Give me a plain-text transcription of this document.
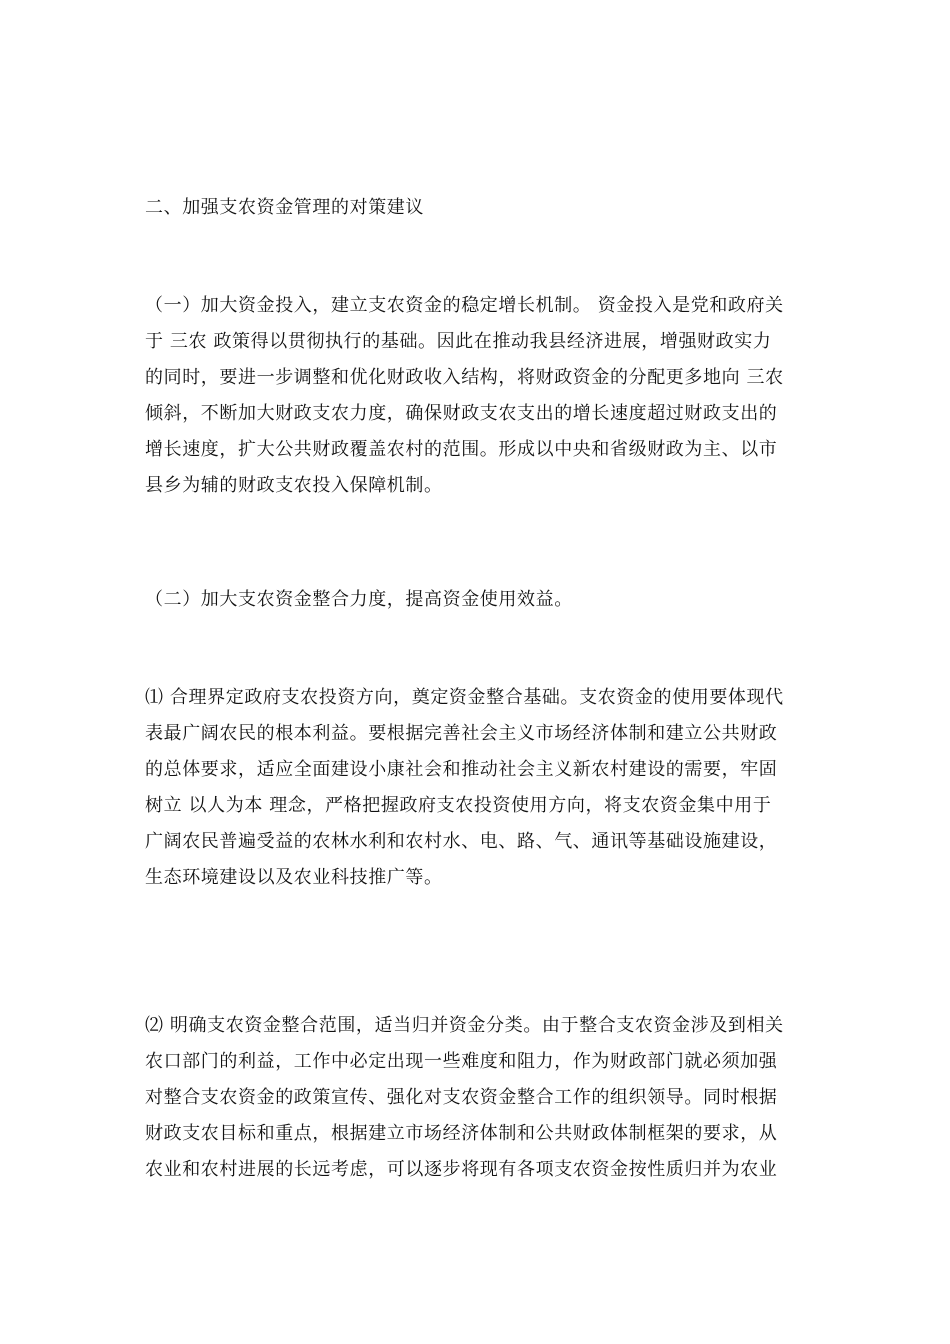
二、加强支农资金管理的对策建议
（一）加大资金投入，建立支农资金的稳定增长机制。 资金投入是党和政府关
于 三农 政策得以贯彻执行的基础。因此在推动我县经济进展，增强财政实力
的同时，要进一步调整和优化财政收入结构，将财政资金的分配更多地向 三农
倾斜，不断加大财政支农力度，确保财政支农支出的增长速度超过财政支出的
增长速度，扩大公共财政覆盖农村的范围。形成以中央和省级财政为主、以市
县乡为辅的财政支农投入保障机制。
（二）加大支农资金整合力度，提高资金使用效益。
⑴ 合理界定政府支农投资方向，奠定资金整合基础。支农资金的使用要体现代
表最广阔农民的根本利益。要根据完善社会主义市场经济体制和建立公共财政
的总体要求，适应全面建设小康社会和推动社会主义新农村建设的需要，牢固
树立 以人为本 理念，严格把握政府支农投资使用方向，将支农资金集中用于
广阔农民普遍受益的农林水利和农村水、电、路、气、通讯等基础设施建设，
生态环境建设以及农业科技推广等。
⑵ 明确支农资金整合范围，适当归并资金分类。由于整合支农资金涉及到相关
农口部门的利益，工作中必定出现一些难度和阻力，作为财政部门就必须加强
对整合支农资金的政策宣传、强化对支农资金整合工作的组织领导。同时根据
财政支农目标和重点，根据建立市场经济体制和公共财政体制框架的要求，从
农业和农村进展的长远考虑，可以逐步将现有各项支农资金按性质归并为农业
